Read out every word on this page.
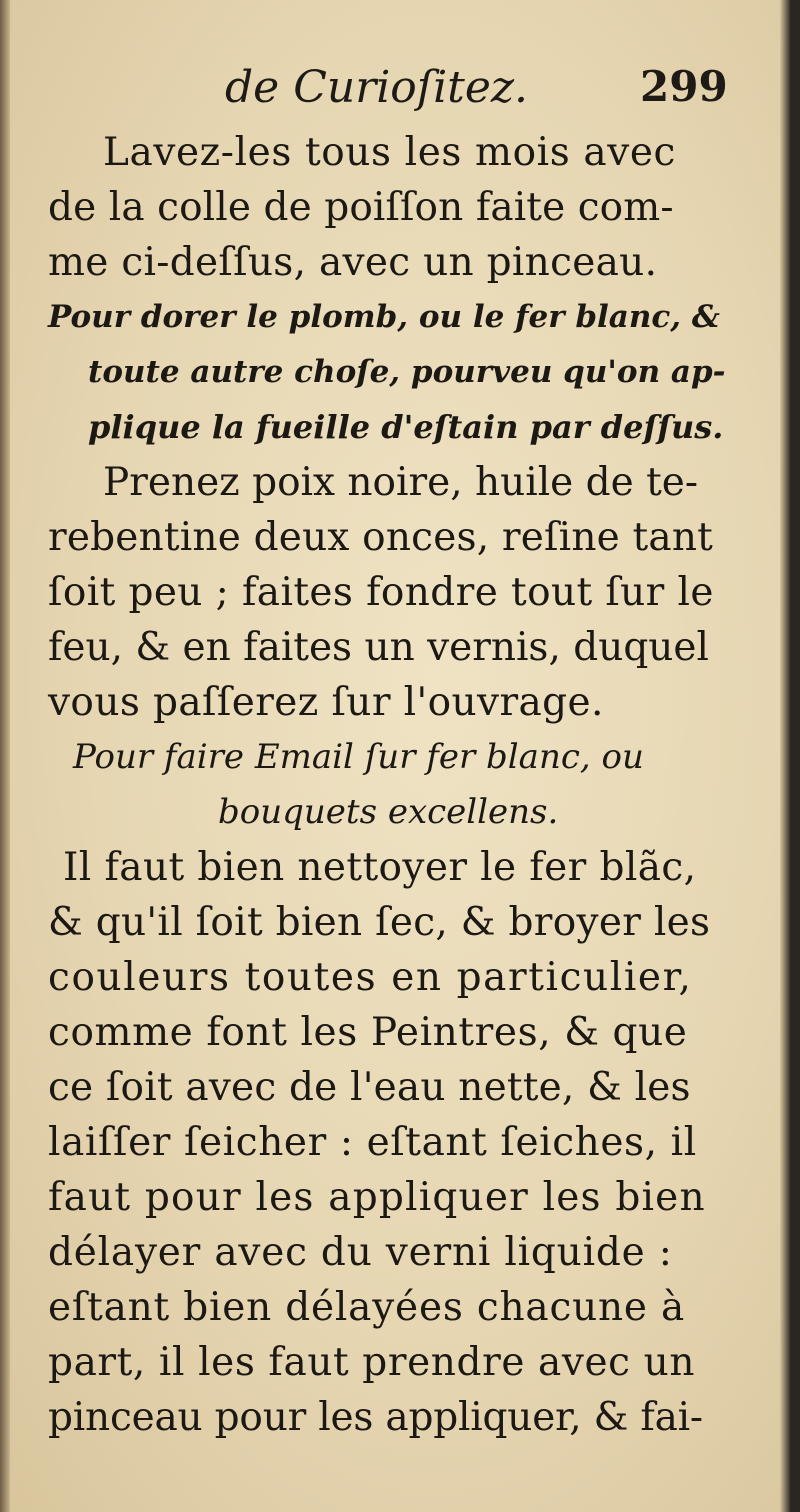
de Curioſitez.	299
Lavez-les tous les mois avec
de la colle de poiſſon faite com-
me ci-deſſus, avec un pinceau.
Pour dorer le plomb, ou le fer blanc, &
toute autre choſe, pourveu qu'on ap-
plique la fueille d'eſtain par deſſus.
Prenez poix noire, huile de te-
rebentine deux onces, reſine tant
ſoit peu ; faites fondre tout ſur le
feu, & en faites un vernis, duquel
vous paſſerez ſur l'ouvrage.
Pour faire Email ſur fer blanc, ou
bouquets excellens.
Il faut bien nettoyer le fer blãc,
& qu'il ſoit bien ſec, & broyer les
couleurs toutes en particulier,
comme font les Peintres, & que
ce ſoit avec de l'eau nette, & les
laiſſer ſeicher : eſtant ſeiches, il
faut pour les appliquer les bien
délayer avec du verni liquide :
eſtant bien délayées chacune à
part, il les faut prendre avec un
pinceau pour les appliquer, & fai-
